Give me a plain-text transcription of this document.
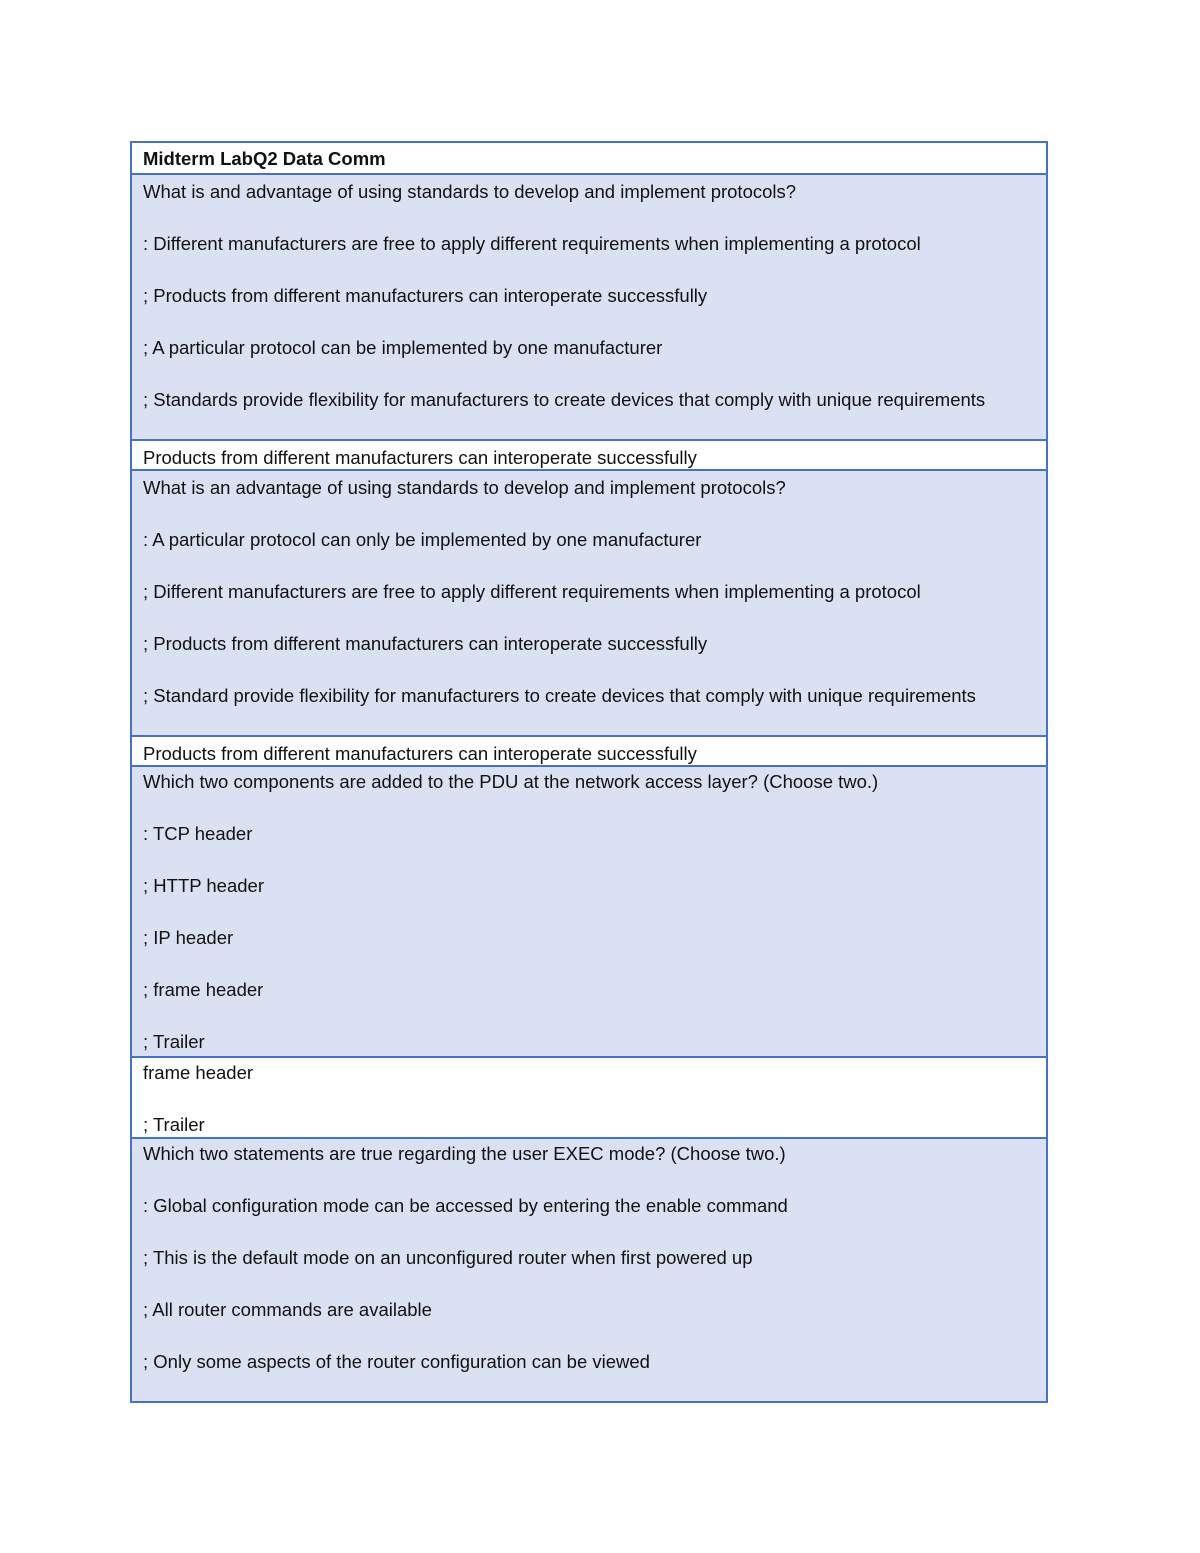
Midterm LabQ2 Data Comm
What is and advantage of using standards to develop and implement protocols?
: Different manufacturers are free to apply different requirements when implementing a protocol
; Products from different manufacturers can interoperate successfully
; A particular protocol can be implemented by one manufacturer
; Standards provide flexibility for manufacturers to create devices that comply with unique requirements
Products from different manufacturers can interoperate successfully
What is an advantage of using standards to develop and implement protocols?
: A particular protocol can only be implemented by one manufacturer
; Different manufacturers are free to apply different requirements when implementing a protocol
; Products from different manufacturers can interoperate successfully
; Standard provide flexibility for manufacturers to create devices that comply with unique requirements
Products from different manufacturers can interoperate successfully
Which two components are added to the PDU at the network access layer? (Choose two.)
: TCP header
; HTTP header
; IP header
; frame header
; Trailer
frame header
; Trailer
Which two statements are true regarding the user EXEC mode? (Choose two.)
: Global configuration mode can be accessed by entering the enable command
; This is the default mode on an unconfigured router when first powered up
; All router commands are available
; Only some aspects of the router configuration can be viewed
